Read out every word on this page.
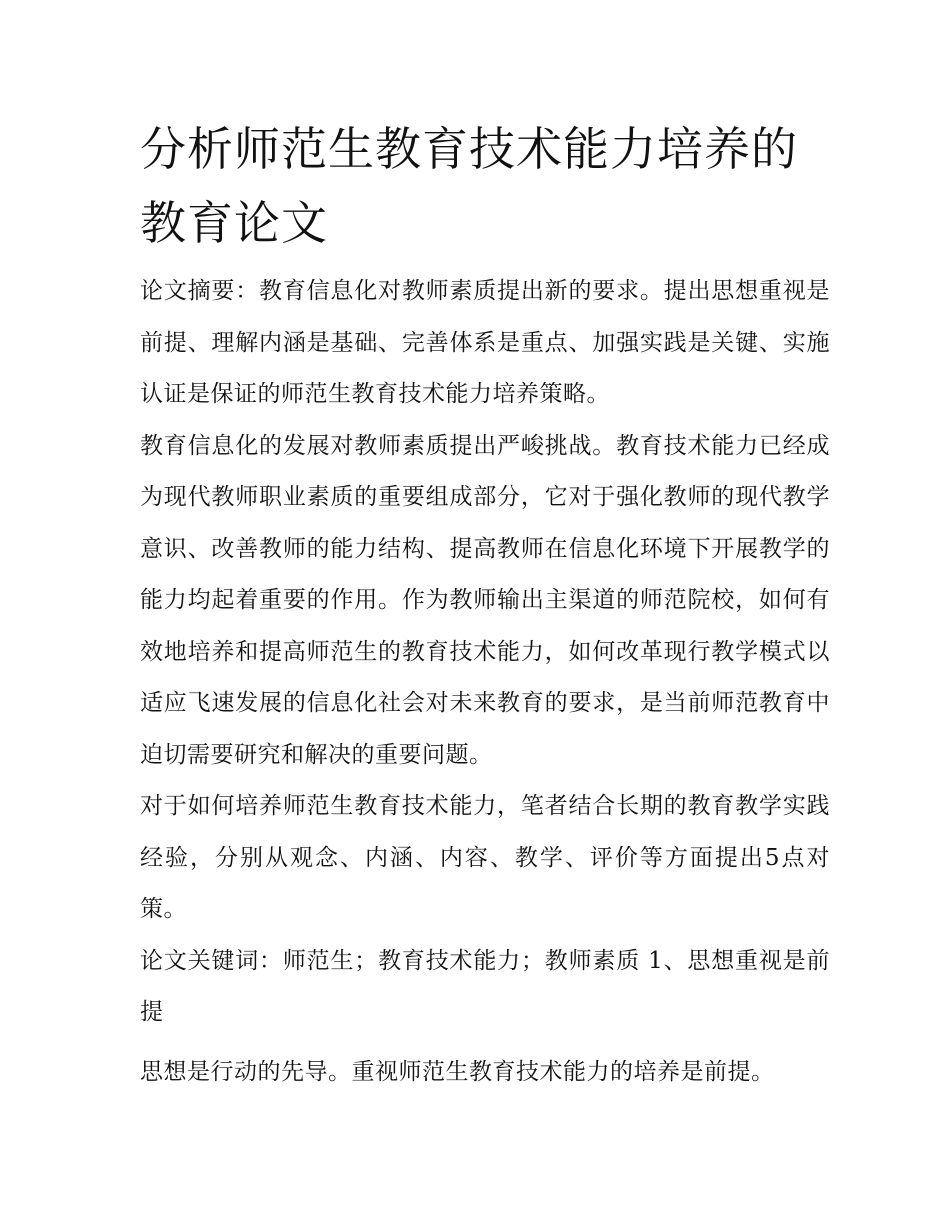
分析师范生教育技术能力培养的教育论文

论文摘要：教育信息化对教师素质提出新的要求。提出思想重视是前提、理解内涵是基础、完善体系是重点、加强实践是关键、实施认证是保证的师范生教育技术能力培养策略。

教育信息化的发展对教师素质提出严峻挑战。教育技术能力已经成为现代教师职业素质的重要组成部分，它对于强化教师的现代教学意识、改善教师的能力结构、提高教师在信息化环境下开展教学的能力均起着重要的作用。作为教师输出主渠道的师范院校，如何有效地培养和提高师范生的教育技术能力，如何改革现行教学模式以适应飞速发展的信息化社会对未来教育的要求，是当前师范教育中迫切需要研究和解决的重要问题。

对于如何培养师范生教育技术能力，笔者结合长期的教育教学实践经验，分别从观念、内涵、内容、教学、评价等方面提出5点对策。

论文关键词：师范生；教育技术能力；教师素质 1、思想重视是前提

思想是行动的先导。重视师范生教育技术能力的培养是前提。
